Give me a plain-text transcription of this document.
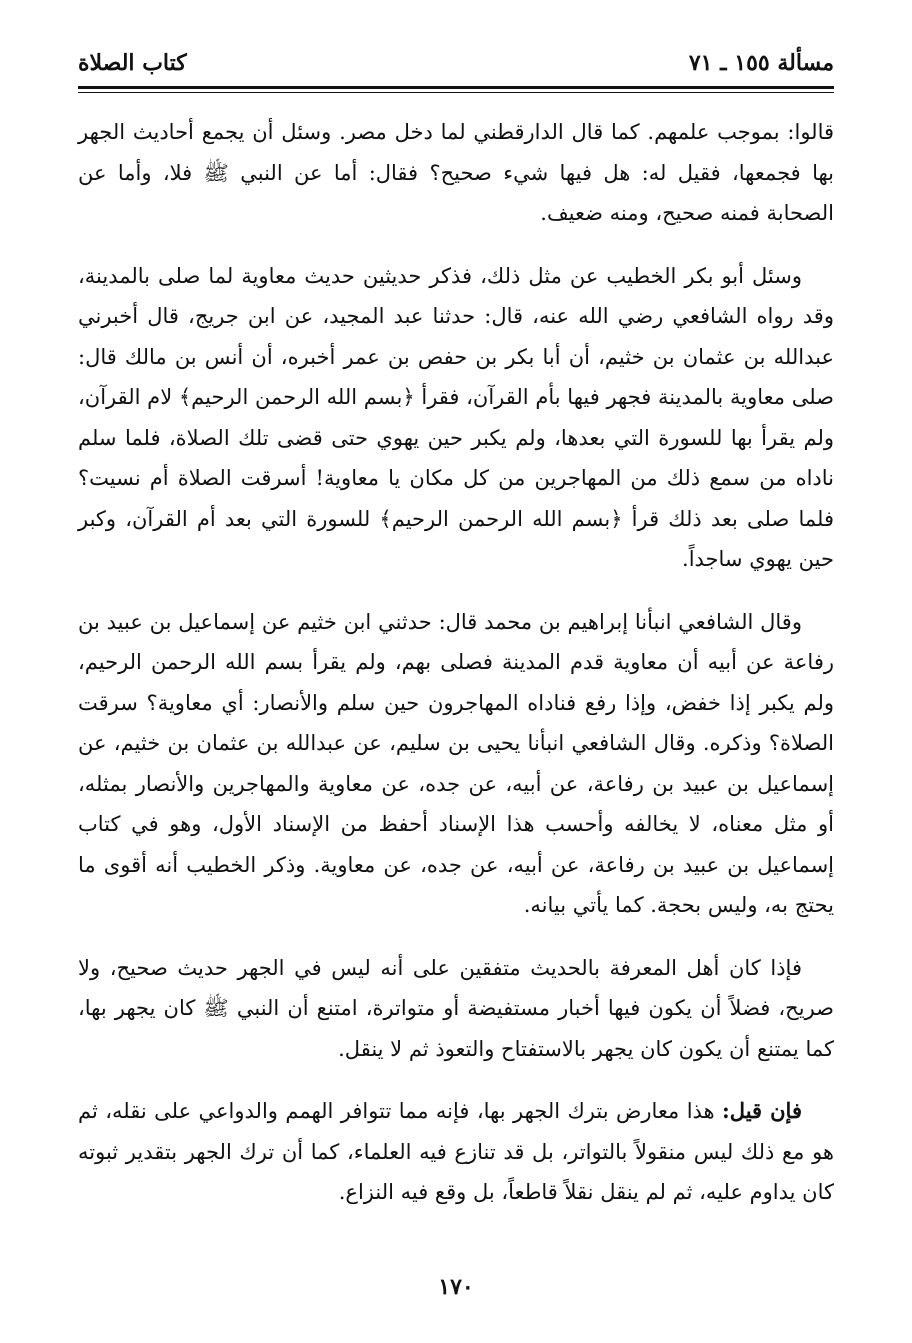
مسألة ١٥٥ ـ ٧١
كتاب الصلاة

قالوا: بموجب علمهم. كما قال الدارقطني لما دخل مصر. وسئل أن يجمع أحاديث الجهر بها فجمعها، فقيل له: هل فيها شيء صحيح؟ فقال: أما عن النبي ﷺ فلا، وأما عن الصحابة فمنه صحيح، ومنه ضعيف.

وسئل أبو بكر الخطيب عن مثل ذلك، فذكر حديثين حديث معاوية لما صلى بالمدينة، وقد رواه الشافعي رضي الله عنه، قال: حدثنا عبد المجيد، عن ابن جريج، قال أخبرني عبدالله بن عثمان بن خثيم، أن أبا بكر بن حفص بن عمر أخبره، أن أنس بن مالك قال: صلى معاوية بالمدينة فجهر فيها بأم القرآن، فقرأ ﴿بسم الله الرحمن الرحيم﴾ لام القرآن، ولم يقرأ بها للسورة التي بعدها، ولم يكبر حين يهوي حتى قضى تلك الصلاة، فلما سلم ناداه من سمع ذلك من المهاجرين من كل مكان يا معاوية! أسرقت الصلاة أم نسيت؟ فلما صلى بعد ذلك قرأ ﴿بسم الله الرحمن الرحيم﴾ للسورة التي بعد أم القرآن، وكبر حين يهوي ساجداً.

وقال الشافعي انبأنا إبراهيم بن محمد قال: حدثني ابن خثيم عن إسماعيل بن عبيد بن رفاعة عن أبيه أن معاوية قدم المدينة فصلى بهم، ولم يقرأ بسم الله الرحمن الرحيم، ولم يكبر إذا خفض، وإذا رفع فناداه المهاجرون حين سلم والأنصار: أي معاوية؟ سرقت الصلاة؟ وذكره. وقال الشافعي انبأنا يحيى بن سليم، عن عبدالله بن عثمان بن خثيم، عن إسماعيل بن عبيد بن رفاعة، عن أبيه، عن جده، عن معاوية والمهاجرين والأنصار بمثله، أو مثل معناه، لا يخالفه وأحسب هذا الإسناد أحفظ من الإسناد الأول، وهو في كتاب إسماعيل بن عبيد بن رفاعة، عن أبيه، عن جده، عن معاوية. وذكر الخطيب أنه أقوى ما يحتج به، وليس بحجة. كما يأتي بيانه.

فإذا كان أهل المعرفة بالحديث متفقين على أنه ليس في الجهر حديث صحيح، ولا صريح، فضلاً أن يكون فيها أخبار مستفيضة أو متواترة، امتنع أن النبي ﷺ كان يجهر بها، كما يمتنع أن يكون كان يجهر بالاستفتاح والتعوذ ثم لا ينقل.

فإن قيل: هذا معارض بترك الجهر بها، فإنه مما تتوافر الهمم والدواعي على نقله، ثم هو مع ذلك ليس منقولاً بالتواتر، بل قد تنازع فيه العلماء، كما أن ترك الجهر بتقدير ثبوته كان يداوم عليه، ثم لم ينقل نقلاً قاطعاً، بل وقع فيه النزاع.

١٧٠
